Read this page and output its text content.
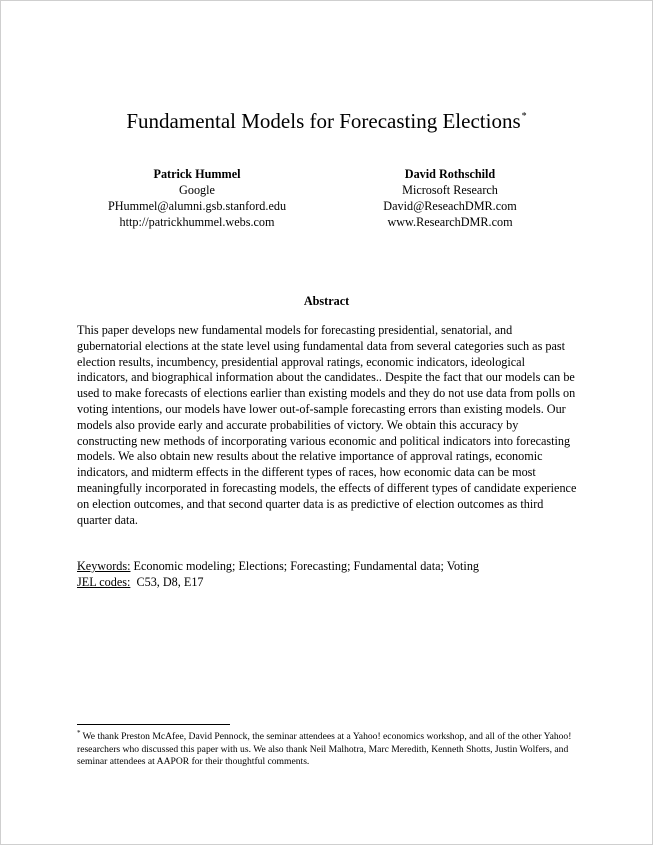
Fundamental Models for Forecasting Elections*
Patrick Hummel
Google
PHummel@alumni.gsb.stanford.edu
http://patrickhummel.webs.com
David Rothschild
Microsoft Research
David@ReseachDMR.com
www.ResearchDMR.com
Abstract

This paper develops new fundamental models for forecasting presidential, senatorial, and gubernatorial elections at the state level using fundamental data from several categories such as past election results, incumbency, presidential approval ratings, economic indicators, ideological indicators, and biographical information about the candidates.. Despite the fact that our models can be used to make forecasts of elections earlier than existing models and they do not use data from polls on voting intentions, our models have lower out-of-sample forecasting errors than existing models. Our models also provide early and accurate probabilities of victory. We obtain this accuracy by constructing new methods of incorporating various economic and political indicators into forecasting models. We also obtain new results about the relative importance of approval ratings, economic indicators, and midterm effects in the different types of races, how economic data can be most meaningfully incorporated in forecasting models, the effects of different types of candidate experience on election outcomes, and that second quarter data is as predictive of election outcomes as third quarter data.

Keywords: Economic modeling; Elections; Forecasting; Fundamental data; Voting
JEL codes:  C53, D8, E17

* We thank Preston McAfee, David Pennock, the seminar attendees at a Yahoo! economics workshop, and all of the other Yahoo! researchers who discussed this paper with us. We also thank Neil Malhotra, Marc Meredith, Kenneth Shotts, Justin Wolfers, and seminar attendees at AAPOR for their thoughtful comments.
